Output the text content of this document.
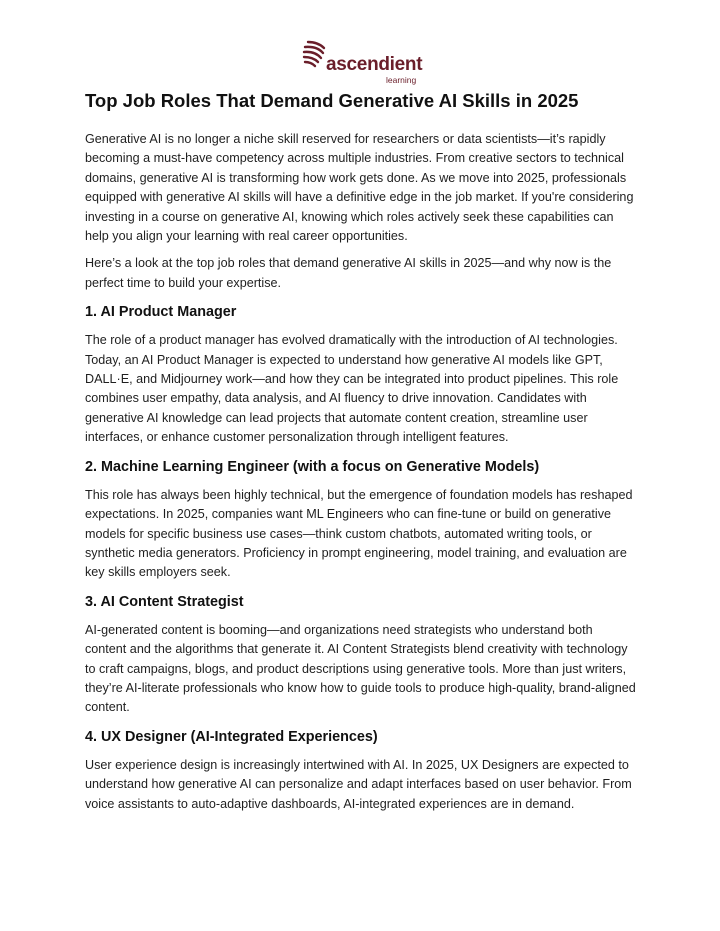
ascendient
learning
Top Job Roles That Demand Generative AI Skills in 2025

Generative AI is no longer a niche skill reserved for researchers or data scientists—it’s rapidly becoming a must-have competency across multiple industries. From creative sectors to technical domains, generative AI is transforming how work gets done. As we move into 2025, professionals equipped with generative AI skills will have a definitive edge in the job market. If you're considering investing in a course on generative AI, knowing which roles actively seek these capabilities can help you align your learning with real career opportunities.

Here’s a look at the top job roles that demand generative AI skills in 2025—and why now is the perfect time to build your expertise.

1. AI Product Manager

The role of a product manager has evolved dramatically with the introduction of AI technologies. Today, an AI Product Manager is expected to understand how generative AI models like GPT, DALL·E, and Midjourney work—and how they can be integrated into product pipelines. This role combines user empathy, data analysis, and AI fluency to drive innovation. Candidates with generative AI knowledge can lead projects that automate content creation, streamline user interfaces, or enhance customer personalization through intelligent features.

2. Machine Learning Engineer (with a focus on Generative Models)

This role has always been highly technical, but the emergence of foundation models has reshaped expectations. In 2025, companies want ML Engineers who can fine-tune or build on generative models for specific business use cases—think custom chatbots, automated writing tools, or synthetic media generators. Proficiency in prompt engineering, model training, and evaluation are key skills employers seek.

3. AI Content Strategist

AI-generated content is booming—and organizations need strategists who understand both content and the algorithms that generate it. AI Content Strategists blend creativity with technology to craft campaigns, blogs, and product descriptions using generative tools. More than just writers, they’re AI-literate professionals who know how to guide tools to produce high-quality, brand-aligned content.

4. UX Designer (AI-Integrated Experiences)

User experience design is increasingly intertwined with AI. In 2025, UX Designers are expected to understand how generative AI can personalize and adapt interfaces based on user behavior. From voice assistants to auto-adaptive dashboards, AI-integrated experiences are in demand.
